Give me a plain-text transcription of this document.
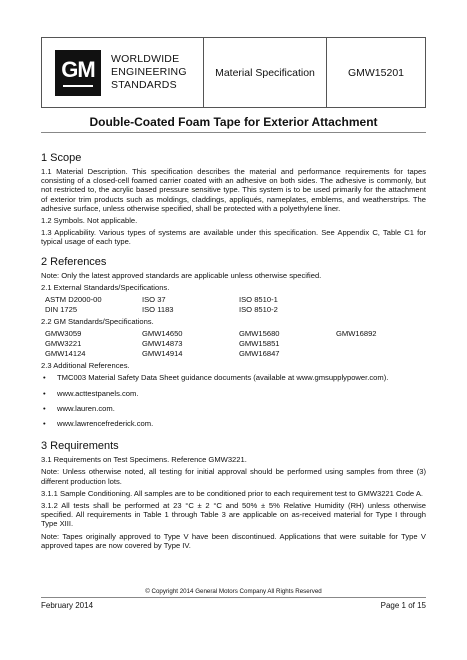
GM WORLDWIDE
ENGINEERING
STANDARDS
Material Specification	GMW15201
Double-Coated Foam Tape for Exterior Attachment
1 Scope

1.1 Material Description. This specification describes the material and performance requirements for tapes consisting of a closed-cell foamed carrier coated with an adhesive on both sides. The adhesive is commonly, but not restricted to, the acrylic based pressure sensitive type. This system is to be used primarily for the attachment of exterior trim products such as moldings, claddings, appliqués, nameplates, emblems, and weatherstrips. The adhesive surface, unless otherwise specified, shall be protected with a polyethylene liner.

1.2 Symbols. Not applicable.

1.3 Applicability. Various types of systems are available under this specification. See Appendix C, Table C1 for typical usage of each type.

2 References

Note: Only the latest approved standards are applicable unless otherwise specified.

2.1 External Standards/Specifications.

ASTM D2000-00	ISO 37	ISO 8510-1
DIN 1725	ISO 1183	ISO 8510-2

2.2 GM Standards/Specifications.

GMW3059	GMW14650	GMW15680	GMW16892
GMW3221	GMW14873	GMW15851
GMW14124	GMW14914	GMW16847

2.3 Additional References.

• TMC003 Material Safety Data Sheet guidance documents (available at www.gmsupplypower.com).
• www.acttestpanels.com.
• www.lauren.com.
• www.lawrencefrederick.com.
3 Requirements

3.1 Requirements on Test Specimens. Reference GMW3221.

Note: Unless otherwise noted, all testing for initial approval should be performed using samples from three (3) different production lots.

3.1.1 Sample Conditioning. All samples are to be conditioned prior to each requirement test to GMW3221 Code A.

3.1.2 All tests shall be performed at 23 °C ± 2 °C and 50% ± 5% Relative Humidity (RH) unless otherwise specified. All requirements in Table 1 through Table 3 are applicable on as-received material for Type I through Type XIII.

Note: Tapes originally approved to Type V have been discontinued. Applications that were suitable for Type V approved tapes are now covered by Type IV.

© Copyright 2014 General Motors Company All Rights Reserved
February 2014	Page 1 of 15
